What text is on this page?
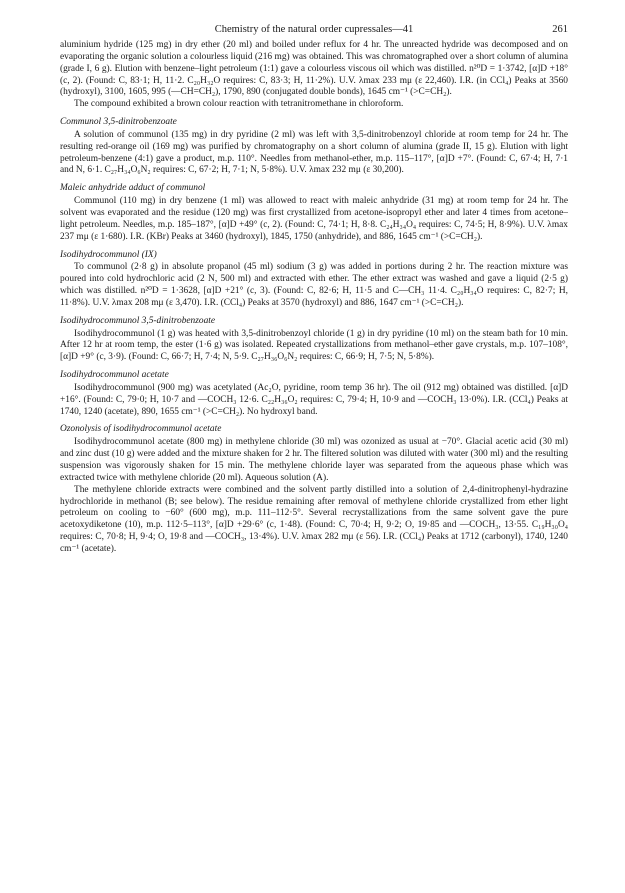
Chemistry of the natural order cupressales—41	261

aluminium hydride (125 mg) in dry ether (20 ml) and boiled under reflux for 4 hr. The unreacted hydride was decomposed and on evaporating the organic solution a colourless liquid (216 mg) was obtained. This was chromatographed over a short column of alumina (grade I, 6 g). Elution with benzene–light petroleum (1:1) gave a colourless viscous oil which was distilled. n²⁰D = 1·3742, [α]D +18° (c, 2). (Found: C, 83·1; H, 11·2. C₂₀H₃₂O requires: C, 83·3; H, 11·2%). U.V. λmax 233 mμ (ε 22,460). I.R. (in CCl₄) Peaks at 3560 (hydroxyl), 3100, 1605, 995 (—CH=CH₂), 1790, 890 (conjugated double bonds), 1645 cm⁻¹ (>C=CH₂).

The compound exhibited a brown colour reaction with tetranitromethane in chloroform.

Communol 3,5-dinitrobenzoate

A solution of communol (135 mg) in dry pyridine (2 ml) was left with 3,5-dinitrobenzoyl chloride at room temp for 24 hr. The resulting red-orange oil (169 mg) was purified by chromatography on a short column of alumina (grade II, 15 g). Elution with light petroleum-benzene (4:1) gave a product, m.p. 110°. Needles from methanol-ether, m.p. 115–117°, [α]D +7°. (Found: C, 67·4; H, 7·1 and N, 6·1. C₂₇H₃₄O₆N₂ requires: C, 67·2; H, 7·1; N, 5·8%). U.V. λmax 232 mμ (ε 30,200).

Maleic anhydride adduct of communol

Communol (110 mg) in dry benzene (1 ml) was allowed to react with maleic anhydride (31 mg) at room temp for 24 hr. The solvent was evaporated and the residue (120 mg) was first crystallized from acetone-isopropyl ether and later 4 times from acetone–light petroleum. Needles, m.p. 185–187°, [α]D +49° (c, 2). (Found: C, 74·1; H, 8·8. C₂₄H₃₄O₄ requires: C, 74·5; H, 8·9%). U.V. λmax 237 mμ (ε 1·680). I.R. (KBr) Peaks at 3460 (hydroxyl), 1845, 1750 (anhydride), and 886, 1645 cm⁻¹ (>C=CH₂).

Isodihydrocommunol (IX)

To communol (2·8 g) in absolute propanol (45 ml) sodium (3 g) was added in portions during 2 hr. The reaction mixture was poured into cold hydrochloric acid (2 N, 500 ml) and extracted with ether. The ether extract was washed and gave a liquid (2·5 g) which was distilled. n²⁰D = 1·3628, [α]D +21° (c, 3). (Found: C, 82·6; H, 11·5 and C—CH₃ 11·4. C₂₀H₃₄O requires: C, 82·7; H, 11·8%). U.V. λmax 208 mμ (ε 3,470). I.R. (CCl₄) Peaks at 3570 (hydroxyl) and 886, 1647 cm⁻¹ (>C=CH₂).

Isodihydrocommunol 3,5-dinitrobenzoate

Isodihydrocommunol (1 g) was heated with 3,5-dinitrobenzoyl chloride (1 g) in dry pyridine (10 ml) on the steam bath for 10 min. After 12 hr at room temp, the ester (1·6 g) was isolated. Repeated crystallizations from methanol–ether gave crystals, m.p. 107–108°, [α]D +9° (c, 3·9). (Found: C, 66·7; H, 7·4; N, 5·9. C₂₇H₃₆O₆N₂ requires: C, 66·9; H, 7·5; N, 5·8%).

Isodihydrocommunol acetate

Isodihydrocommunol (900 mg) was acetylated (Ac₂O, pyridine, room temp 36 hr). The oil (912 mg) obtained was distilled. [α]D +16°. (Found: C, 79·0; H, 10·7 and —COCH₃ 12·6. C₂₂H₃₆O₂ requires: C, 79·4; H, 10·9 and —COCH₃ 13·0%). I.R. (CCl₄) Peaks at 1740, 1240 (acetate), 890, 1655 cm⁻¹ (>C=CH₂). No hydroxyl band.

Ozonolysis of isodihydrocommunol acetate

Isodihydrocommunol acetate (800 mg) in methylene chloride (30 ml) was ozonized as usual at −70°. Glacial acetic acid (30 ml) and zinc dust (10 g) were added and the mixture shaken for 2 hr. The filtered solution was diluted with water (300 ml) and the resulting suspension was vigorously shaken for 15 min. The methylene chloride layer was separated from the aqueous phase which was extracted twice with methylene chloride (20 ml). Aqueous solution (A).

The methylene chloride extracts were combined and the solvent partly distilled into a solution of 2,4-dinitrophenyl-hydrazine hydrochloride in methanol (B; see below). The residue remaining after removal of methylene chloride crystallized from ether light petroleum on cooling to −60° (600 mg), m.p. 111–112·5°. Several recrystallizations from the same solvent gave the pure acetoxydiketone (10), m.p. 112·5–113°, [α]D +29·6° (c, 1·48). (Found: C, 70·4; H, 9·2; O, 19·85 and —COCH₃, 13·55. C₁₉H₃₀O₄ requires: C, 70·8; H, 9·4; O, 19·8 and —COCH₃, 13·4%). U.V. λmax 282 mμ (ε 56). I.R. (CCl₄) Peaks at 1712 (carbonyl), 1740, 1240 cm⁻¹ (acetate).
